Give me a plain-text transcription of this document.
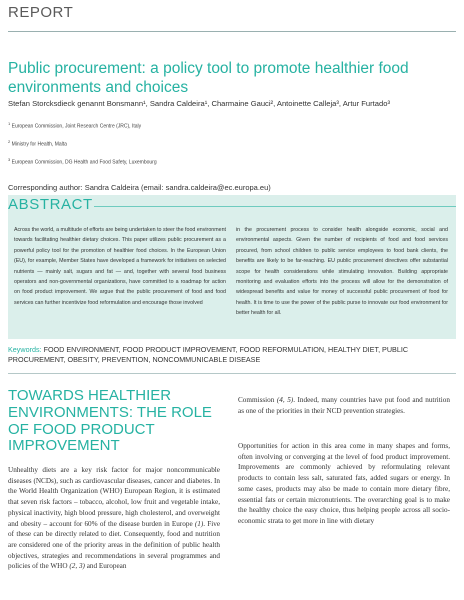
REPORT
Public procurement: a policy tool to promote healthier food environments and choices
Stefan Storcksdieck genannt Bonsmann¹, Sandra Caldeira¹, Charmaine Gauci², Antoinette Calleja³, Artur Furtado³
$^1$ European Commission, Joint Research Centre (JRC), Italy
$^2$ Ministry for Health, Malta
$^3$ European Commission, DG Health and Food Safety, Luxembourg
Corresponding author: Sandra Caldeira (email: sandra.caldeira@ec.europa.eu)
ABSTRACT
Across the world, a multitude of efforts are being undertaken to steer the food environment towards facilitating healthier dietary choices. This paper utilizes public procurement as a powerful policy tool for the promotion of healthier food choices. In the European Union (EU), for example, Member States have developed a framework for initiatives on selected nutrients — mainly salt, sugars and fat — and, together with several food business operators and non-governmental organizations, have committed to a roadmap for action on food product improvement. We argue that the public procurement of food and food services can further incentivize food reformulation and encourage those involved
in the procurement process to consider health alongside economic, social and environmental aspects. Given the number of recipients of food and food services procured, from school children to public service employees to food bank clients, the benefits are likely to be far-reaching. EU public procurement directives offer substantial scope for health considerations while stimulating innovation. Building appropriate monitoring and evaluation efforts into the process will allow for the demonstration of widespread benefits and value for money of successful public procurement of food for health. It is time to use the power of the public purse to innovate our food environment for better health for all.
Keywords: FOOD ENVIRONMENT, FOOD PRODUCT IMPROVEMENT, FOOD REFORMULATION, HEALTHY DIET, PUBLIC PROCUREMENT, OBESITY, PREVENTION, NONCOMMUNICABLE DISEASE
TOWARDS HEALTHIER ENVIRONMENTS: THE ROLE OF FOOD PRODUCT IMPROVEMENT
Unhealthy diets are a key risk factor for major noncommunicable diseases (NCDs), such as cardiovascular diseases, cancer and diabetes. In the World Health Organization (WHO) European Region, it is estimated that seven risk factors – tobacco, alcohol, low fruit and vegetable intake, physical inactivity, high blood pressure, high cholesterol, and overweight and obesity – account for 60% of the disease burden in Europe (1). Five of these can be directly related to diet. Consequently, food and nutrition are considered one of the priority areas in the definition of public health objectives, strategies and recommendations in several programmes and policies of the WHO (2, 3) and European
Commission (4, 5). Indeed, many countries have put food and nutrition as one of the priorities in their NCD prevention strategies.
Opportunities for action in this area come in many shapes and forms, often involving or converging at the level of food product improvement. Improvements are commonly achieved by reformulating relevant products to contain less salt, saturated fats, added sugars or energy. In some cases, products may also be made to contain more dietary fibre, essential fats or certain micronutrients. The overarching goal is to make the healthy choice the easy choice, thus helping people across all socio-economic strata to get more in line with dietary
